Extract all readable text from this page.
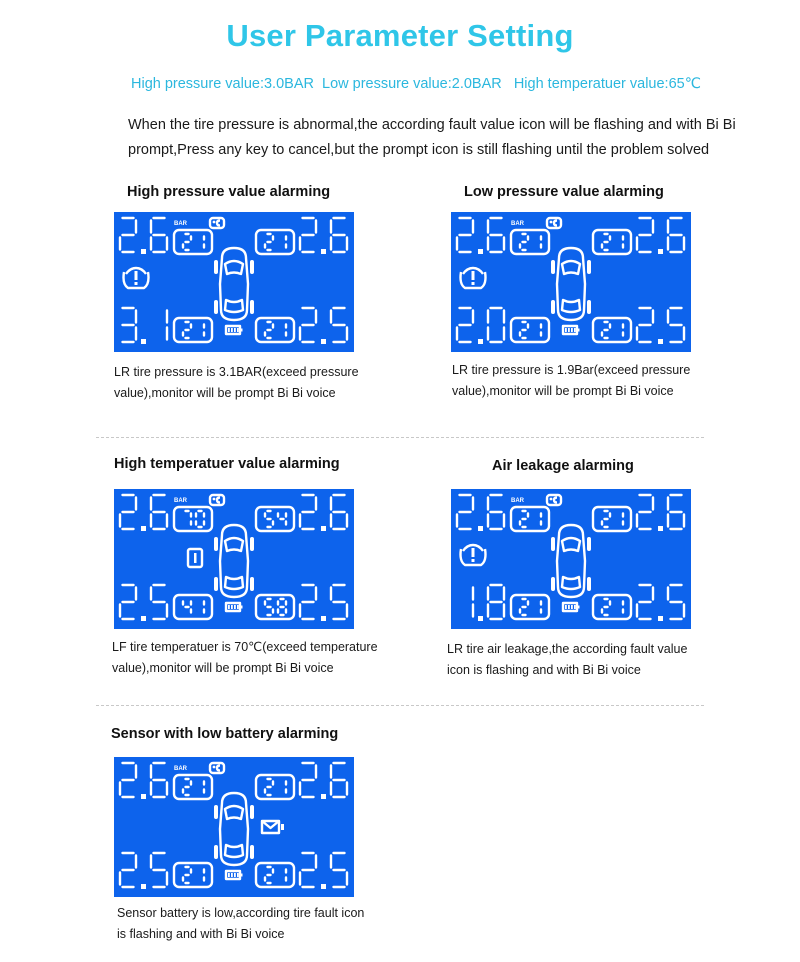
User Parameter Setting
High pressure value:3.0BAR  Low pressure value:2.0BAR   High temperatuer value:65℃
When the tire pressure is abnormal,the according fault value icon will be flashing and with Bi Bi prompt,Press any key to cancel,but the prompt icon is still flashing until the problem solved
High pressure value alarming
BAR
LR tire pressure is 3.1BAR(exceed pressure
value),monitor will be prompt Bi Bi voice
Low pressure value alarming
BAR
LR tire pressure is 1.9Bar(exceed pressure
value),monitor will be prompt Bi Bi voice
High temperatuer value alarming
BAR
LF tire temperatuer is 70℃(exceed temperature
value),monitor will be prompt Bi Bi voice
Air leakage alarming
BAR
LR tire air leakage,the according fault value
icon is flashing and with Bi Bi voice
Sensor with low battery alarming
BAR
Sensor battery is low,according tire fault icon
is flashing and with Bi Bi voice
